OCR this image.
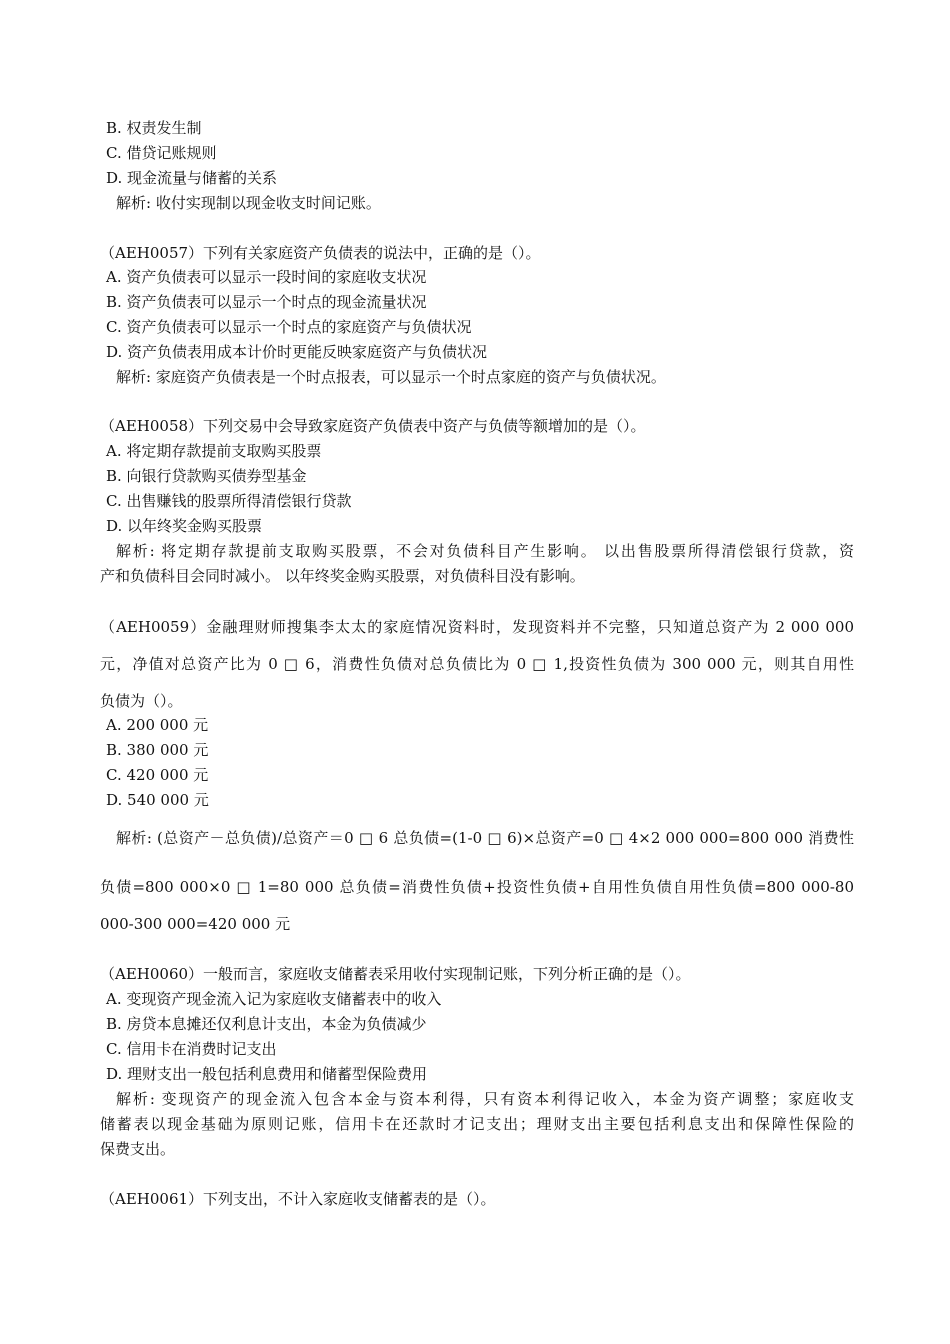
B. 权责发生制
C. 借贷记账规则
D. 现金流量与储蓄的关系
解析: 收付实现制以现金收支时间记账。
（AEH0057）下列有关家庭资产负债表的说法中，正确的是（）。
A. 资产负债表可以显示一段时间的家庭收支状况
B. 资产负债表可以显示一个时点的现金流量状况
C. 资产负债表可以显示一个时点的家庭资产与负债状况
D. 资产负债表用成本计价时更能反映家庭资产与负债状况
解析: 家庭资产负债表是一个时点报表，可以显示一个时点家庭的资产与负债状况。
（AEH0058）下列交易中会导致家庭资产负债表中资产与负债等额增加的是（）。
A. 将定期存款提前支取购买股票
B. 向银行贷款购买债券型基金
C. 出售赚钱的股票所得清偿银行贷款
D. 以年终奖金购买股票
解析: 将定期存款提前支取购买股票，不会对负债科目产生影响。 以出售股票所得清偿银行贷款，资
产和负债科目会同时减小。 以年终奖金购买股票，对负债科目没有影响。
（AEH0059）金融理财师搜集李太太的家庭情况资料时，发现资料并不完整，只知道总资产为 2 000 000
元，净值对总资产比为 0 □ 6，消费性负债对总负债比为 0 □ 1,投资性负债为 300 000 元，则其自用性
负债为（）。
A. 200 000 元
B. 380 000 元
C. 420 000 元
D. 540 000 元
解析: (总资产－总负债)/总资产＝0 □ 6 总负债=(1-0 □ 6)×总资产=0 □ 4×2 000 000=800 000 消费性
负债=800 000×0 □ 1=80 000 总负债=消费性负债+投资性负债+自用性负债自用性负债=800 000-80
000-300 000=420 000 元
（AEH0060）一般而言，家庭收支储蓄表采用收付实现制记账，下列分析正确的是（）。
A. 变现资产现金流入记为家庭收支储蓄表中的收入
B. 房贷本息摊还仅利息计支出，本金为负债减少
C. 信用卡在消费时记支出
D. 理财支出一般包括利息费用和储蓄型保险费用
解析: 变现资产的现金流入包含本金与资本利得，只有资本利得记收入，本金为资产调整；家庭收支
储蓄表以现金基础为原则记账，信用卡在还款时才记支出；理财支出主要包括利息支出和保障性保险的
保费支出。
（AEH0061）下列支出，不计入家庭收支储蓄表的是（）。
